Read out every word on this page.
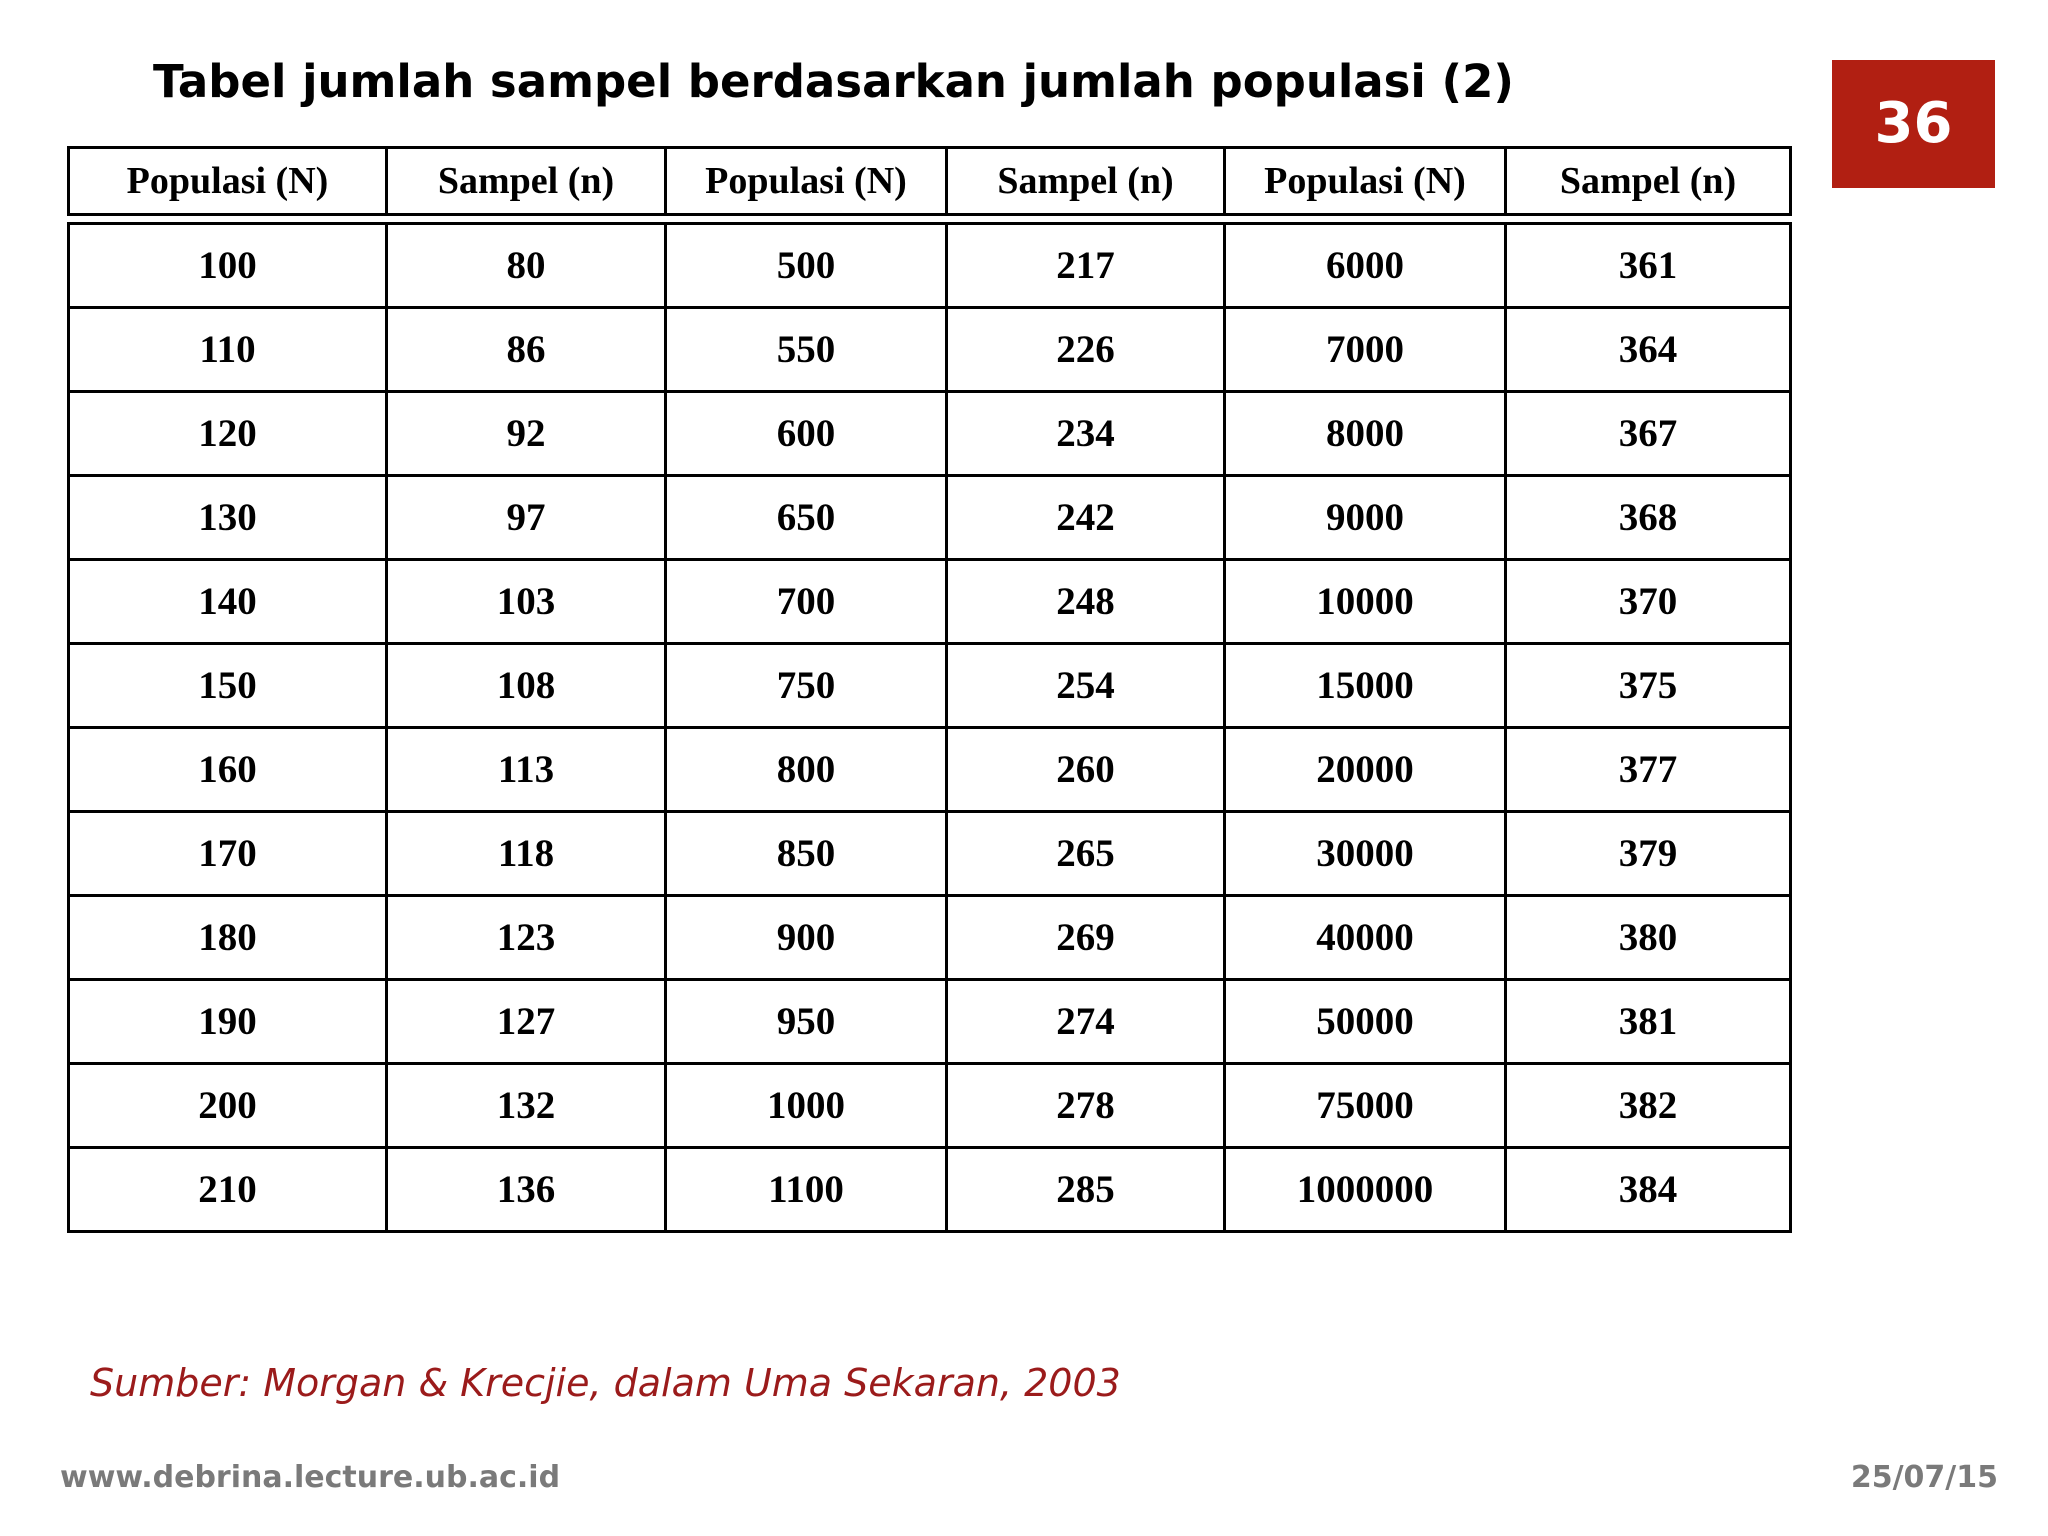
Tabel jumlah sampel berdasarkan jumlah populasi (2)
36
Populasi (N)	Sampel (n)	Populasi (N)	Sampel (n)	Populasi (N)	Sampel (n)
100	80	500	217	6000	361
110	86	550	226	7000	364
120	92	600	234	8000	367
130	97	650	242	9000	368
140	103	700	248	10000	370
150	108	750	254	15000	375
160	113	800	260	20000	377
170	118	850	265	30000	379
180	123	900	269	40000	380
190	127	950	274	50000	381
200	132	1000	278	75000	382
210	136	1100	285	1000000	384

Sumber: Morgan & Krecjie, dalam Uma Sekaran, 2003

www.debrina.lecture.ub.ac.id	25/07/15
